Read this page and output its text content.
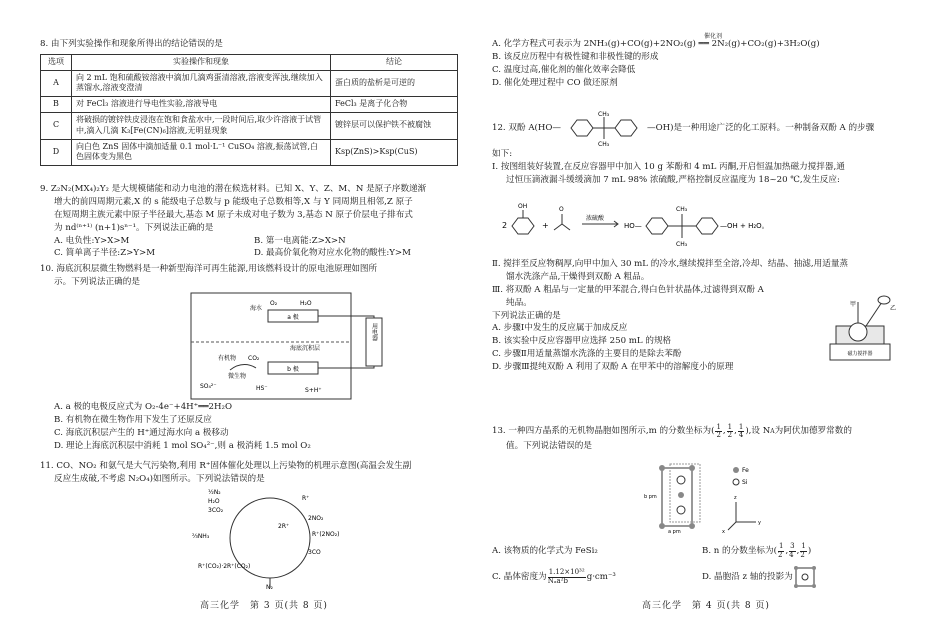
8. 由下列实验操作和现象所得出的结论错误的是
选项	实验操作和现象	结论
A	向 2 mL 饱和硫酸铵溶液中滴加几滴鸡蛋清溶液,溶液变浑浊,继续加入蒸馏水,溶液变澄清	蛋白质的盐析是可逆的
B	对 FeCl₃ 溶液进行导电性实验,溶液导电	FeCl₃ 是离子化合物
C	将破损的镀锌铁皮浸泡在饱和食盐水中,一段时间后,取少许溶液于试管中,滴入几滴 K₃[Fe(CN)₆]溶液,无明显现象	镀锌层可以保护铁不被腐蚀
D	向白色 ZnS 固体中滴加适量 0.1 mol·L⁻¹ CuSO₄ 溶液,振荡试管,白色固体变为黑色	Ksp(ZnS)>Ksp(CuS)
9. Z₂N₂(MX₄)₂Y₂ 是大规模储能和动力电池的潜在候选材料。已知 X、Y、Z、M、N 是原子序数递渐
增大的前四周期元素,X 的 s 能级电子总数与 p 能级电子总数相等,X 与 Y 同周期且相邻,Z 原子
在短周期主族元素中原子半径最大,基态 M 原子未成对电子数为 3,基态 N 原子价层电子排布式
为 nd⁽ⁿ⁺¹⁾ (n+1)sⁿ⁻¹。下列说法正确的是
A. 电负性:Y>X>M	B. 第一电离能:Z>X>N
C. 简单离子半径:Z>Y>M	D. 最高价氧化物对应水化物的酸性:Y>M
10. 海底沉积层微生物燃料是一种新型海洋可再生能源,用该燃料设计的原电池原理如图所
示。下列说法正确的是
a 极
b 极
海水
海底沉积层
O₂	H₂O
有机物 CO₂
微生物
SO₄²⁻	HS⁻	S+H⁺
用电器
A. a 极的电极反应式为 O₂-4e⁻+4H⁺══2H₂O
B. 有机物在微生物作用下发生了还原反应
C. 海底沉积层产生的 H⁺通过海水向 a 极移动
D. 理论上海底沉积层中消耗 1 mol SO₄²⁻,则 a 极消耗 1.5 mol O₂
11. CO、NO₂ 和氨气是大气污染物,利用 R⁺固体催化处理以上污染物的机理示意图(高温会发生副
反应生成破,不考虑 N₂O₄)如图所示。下列说法错误的是
½N₂
H₂O
3CO₂
⅔NH₃
R⁺
2NO₂
2R⁺
R⁺(2NO₂)
3CO
R⁺(CO₂)·2R⁺(CO₂)
N₂
高三化学　第 3 页(共 8 页)
A. 化学方程式可表示为 2NH₃(g)+CO(g)+2NO₂(g) ══ 2N₂(g)+CO₂(g)+3H₂O(g)
催化剂
B. 该反应历程中有极性键和非极性键的形成
C. 温度过高,催化剂的催化效率会降低
D. 催化处理过程中 CO 做还原剂
12. 双酚 A(HO—
CH₃
CH₃
—OH)是一种用途广泛的化工原料。一种制备双酚 A 的步骤
如下:
Ⅰ. 按图组装好装置,在反应容器甲中加入 10 g 苯酚和 4 mL 丙酮,开启恒温加热磁力搅拌器,通
过恒压滴液漏斗缓缓滴加 7 mL 98% 浓硫酸,严格控制反应温度为 18~20 ℃,发生反应:
2
OH
+
O
浓硫酸
HO—
CH₃
CH₃
—OH + H₂O。
Ⅱ. 搅拌至反应物稠厚,向甲中加入 30 mL 的冷水,继续搅拌至全溶,冷却、结晶、抽滤,用适量蒸
馏水洗涤产品,干燥得到双酚 A 粗品。
Ⅲ. 将双酚 A 粗品与一定量的甲苯混合,得白色针状晶体,过滤得到双酚 A
纯品。
下列说法正确的是
A. 步骤Ⅰ中发生的反应属于加成反应
B. 该实验中反应容器甲应选择 250 mL 的规格
C. 步骤Ⅱ用适量蒸馏水洗涤的主要目的是除去苯酚
D. 步骤Ⅲ提纯双酚 A 利用了双酚 A 在甲苯中的溶解度小的原理
磁力搅拌器
甲
乙
13. 一种四方晶系的无机物晶胞如图所示,m 的分数坐标为( $\frac{1}{2}$ , $\frac{1}{2}$ , $\frac{1}{4}$ ),设 N A 为阿伏加德罗常数的
值。下列说法错误的是
b pm
a pm
Fe
Si
z
y
x
A. 该物质的化学式为 FeSi₂	B. n 的分数坐标为( $\frac{1}{2}$ , $\frac{3}{4}$ , $\frac{1}{2}$ )
C. 晶体密度为 $\frac{\text{1.12×10³²}}{\text{Nₐa²b}} g\cdot cm^{-3}$	D. 晶胞沿 z 轴的投影为
高三化学　第 4 页(共 8 页)
